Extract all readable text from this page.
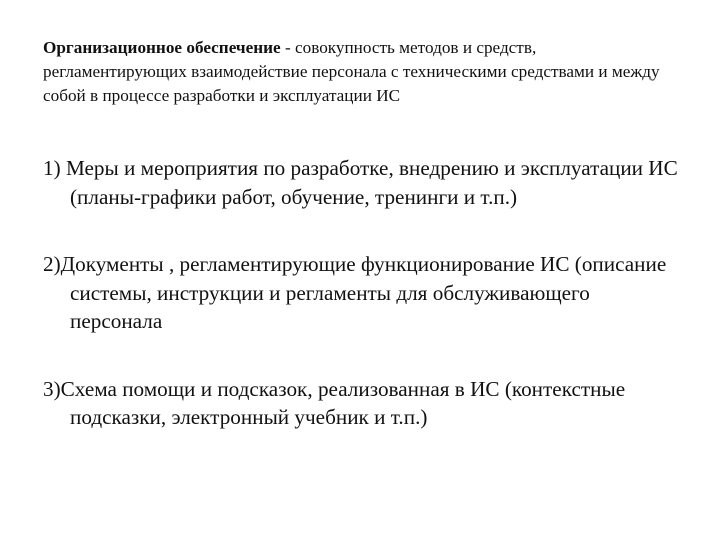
Организационное обеспечение - совокупность методов и средств, регламентирующих взаимодействие персонала с техническими средствами и между собой в процессе разработки и эксплуатации ИС

1) Меры и мероприятия по разработке, внедрению и эксплуатации ИС (планы-графики работ, обучение, тренинги и т.п.)
2)Документы , регламентирующие функционирование ИС (описание системы, инструкции и регламенты для обслуживающего персонала
3)Схема помощи и подсказок, реализованная в ИС (контекстные подсказки, электронный учебник и т.п.)
